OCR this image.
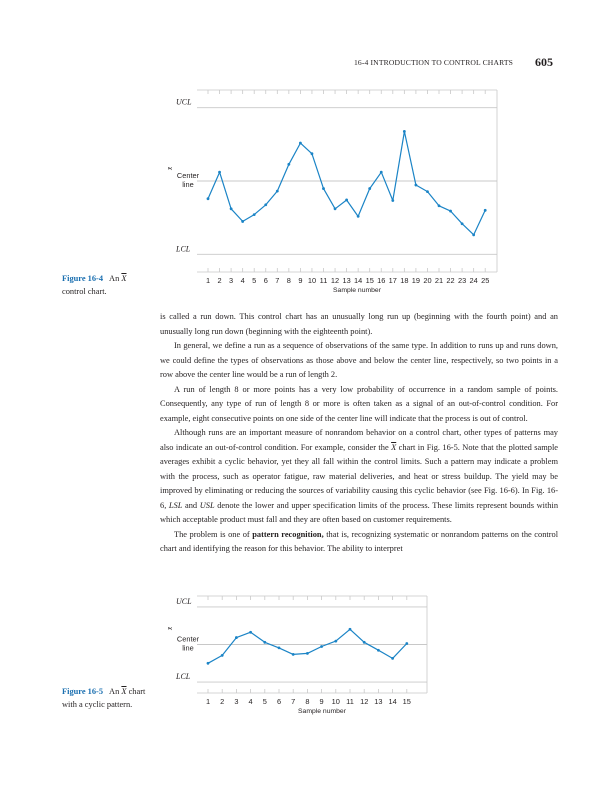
16-4 INTRODUCTION TO CONTROL CHARTS 605
UCL
LCL
Center
line
x̄
1 2 3 4 5 6 7 8 9 10 11 12 13 14 15 16 17 18 19 20 21 22 23 24 25
Sample number
UCL
LCL
Center
line
x̄
1 2 3 4 5 6 7 8 9 10 11 12 13 14 15
Sample number
Figure 16-4 An $\overline{X}$ control chart.
Figure 16-5 An $\overline{X}$ chart with a cyclic pattern.

is called a run down. This control chart has an unusually long run up (beginning with the fourth point) and an unusually long run down (beginning with the eighteenth point).

In general, we define a run as a sequence of observations of the same type. In addition to runs up and runs down, we could define the types of observations as those above and below the center line, respectively, so two points in a row above the center line would be a run of length 2.

A run of length 8 or more points has a very low probability of occurrence in a random sample of points. Consequently, any type of run of length 8 or more is often taken as a signal of an out-of-control condition. For example, eight consecutive points on one side of the center line will indicate that the process is out of control.

Although runs are an important measure of nonrandom behavior on a control chart, other types of patterns may also indicate an out-of-control condition. For example, consider the $\overline{X}$ chart in Fig. 16-5. Note that the plotted sample averages exhibit a cyclic behavior, yet they all fall within the control limits. Such a pattern may indicate a problem with the process, such as operator fatigue, raw material deliveries, and heat or stress buildup. The yield may be improved by eliminating or reducing the sources of variability causing this cyclic behavior (see Fig. 16-6). In Fig. 16-6, LSL and USL denote the lower and upper specification limits of the process. These limits represent bounds within which acceptable product must fall and they are often based on customer requirements.

The problem is one of pattern recognition, that is, recognizing systematic or nonrandom patterns on the control chart and identifying the reason for this behavior. The ability to interpret
